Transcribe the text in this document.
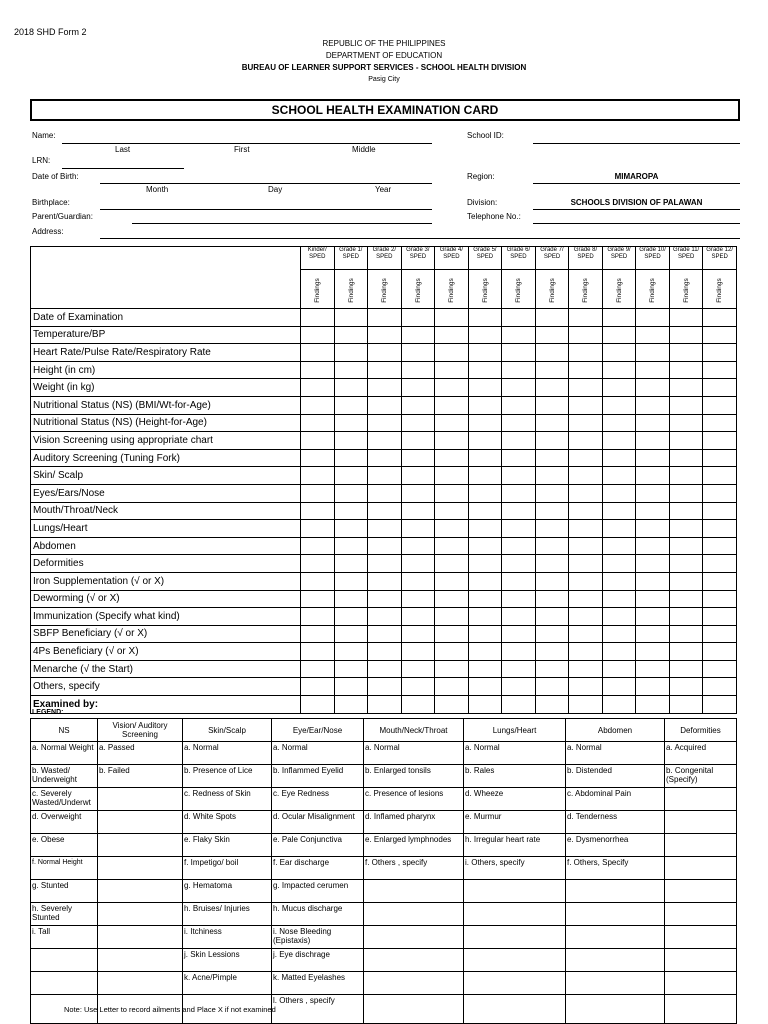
2018 SHD Form 2
REPUBLIC OF THE PHILIPPINES
DEPARTMENT OF EDUCATION
BUREAU OF LEARNER SUPPORT SERVICES - SCHOOL HEALTH DIVISION
Pasig City
SCHOOL HEALTH EXAMINATION CARD
Name:
Last	First	Middle
LRN:
Date of Birth:
Month	Day	Year
Birthplace:
Parent/Guardian:
Address:
School ID:
Region:	MIMAROPA
Division:	SCHOOLS DIVISION OF PALAWAN
Telephone No.:
	Kinder/ SPED	Grade 1/ SPED	Grade 2/ SPED	Grade 3/ SPED	Grade 4/ SPED	Grade 5/ SPED	Grade 6/ SPED	Grade 7/ SPED	Grade 8/ SPED	Grade 9/ SPED	Grade 10/ SPED	Grade 11/ SPED	Grade 12/ SPED
	Findings	Findings	Findings	Findings	Findings	Findings	Findings	Findings	Findings	Findings	Findings	Findings	Findings
Date of Examination													
Temperature/BP													
Heart Rate/Pulse Rate/Respiratory Rate													
Height (in cm)													
Weight (in kg)													
Nutritional Status (NS) (BMI/Wt-for-Age)													
Nutritional Status (NS) (Height-for-Age)													
Vision Screening using appropriate chart													
Auditory Screening (Tuning Fork)													
Skin/ Scalp													
Eyes/Ears/Nose													
Mouth/Throat/Neck													
Lungs/Heart													
Abdomen													
Deformities													
Iron Supplementation (√ or X)													
Deworming (√ or X)													
Immunization (Specify what kind)													
SBFP Beneficiary (√ or X)													
4Ps Beneficiary (√ or X)													
Menarche (√ the Start)													
Others, specify													
Examined by:													
LEGEND:
NS	Vision/ Auditory Screening	Skin/Scalp	Eye/Ear/Nose	Mouth/Neck/Throat	Lungs/Heart	Abdomen	Deformities
a. Normal Weight	a. Passed	a. Normal	a. Normal	a. Normal	a. Normal	a. Normal	a. Acquired
b. Wasted/ Underweight	b. Failed	b. Presence of Lice	b. Inflammed Eyelid	b. Enlarged tonsils	b. Rales	b. Distended	b. Congenital (Specify)
c. Severely Wasted/Underwt		c. Redness of Skin	c. Eye Redness	c. Presence of lesions	d. Wheeze	c. Abdominal Pain	
d. Overweight		d. White Spots	d. Ocular Misalignment	d. Inflamed pharynx	e. Murmur	d. Tenderness	
e. Obese		e. Flaky Skin	e. Pale Conjunctiva	e. Enlarged lymphnodes	h. Irregular heart rate	e. Dysmenorrhea	
f. Normal Height		f. Impetigo/ boil	f. Ear discharge	f. Others , specify	i. Others, specify	f. Others, Specify	
g. Stunted		g. Hematoma	g. Impacted cerumen				
h. Severely Stunted		h. Bruises/ Injuries	h. Mucus discharge				
i. Tall		i. Itchiness	i. Nose Bleeding (Epistaxis)				
		j. Skin Lessions	j. Eye dischrage				
		k. Acne/Pimple	k. Matted Eyelashes				
			l. Others , specify				
Note: Use Letter to record ailments and Place X if not examined
